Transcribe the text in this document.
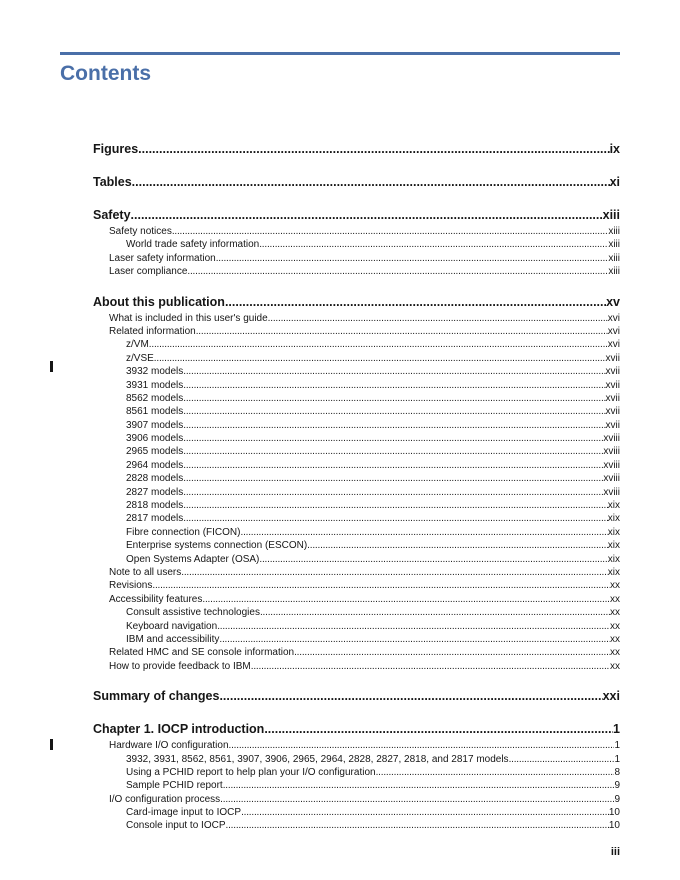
Contents
Figures .....	ix
Tables .....	xi
Safety .....	xiii
Safety notices .....	xiii
World trade safety information .....	xiii
Laser safety information .....	xiii
Laser compliance .....	xiii
About this publication .....	xv
What is included in this user's guide .....	xvi
Related information .....	xvi
z/VM .....	xvi
z/VSE .....	xvii
3932 models .....	xvii
3931 models .....	xvii
8562 models .....	xvii
8561 models .....	xvii
3907 models .....	xvii
3906 models .....	xviii
2965 models .....	xviii
2964 models .....	xviii
2828 models .....	xviii
2827 models .....	xviii
2818 models .....	xix
2817 models .....	xix
Fibre connection (FICON) .....	xix
Enterprise systems connection (ESCON) .....	xix
Open Systems Adapter (OSA) .....	xix
Note to all users .....	xix
Revisions .....	xx
Accessibility features .....	xx
Consult assistive technologies .....	xx
Keyboard navigation .....	xx
IBM and accessibility .....	xx
Related HMC and SE console information .....	xx
How to provide feedback to IBM .....	xx
Summary of changes .....	xxi
Chapter 1. IOCP introduction .....	1
Hardware I/O configuration .....	1
3932, 3931, 8562, 8561, 3907, 3906, 2965, 2964, 2828, 2827, 2818, and 2817 models .....	1
Using a PCHID report to help plan your I/O configuration .....	8
Sample PCHID report .....	9
I/O configuration process .....	9
Card-image input to IOCP .....	10
Console input to IOCP .....	10
iii
